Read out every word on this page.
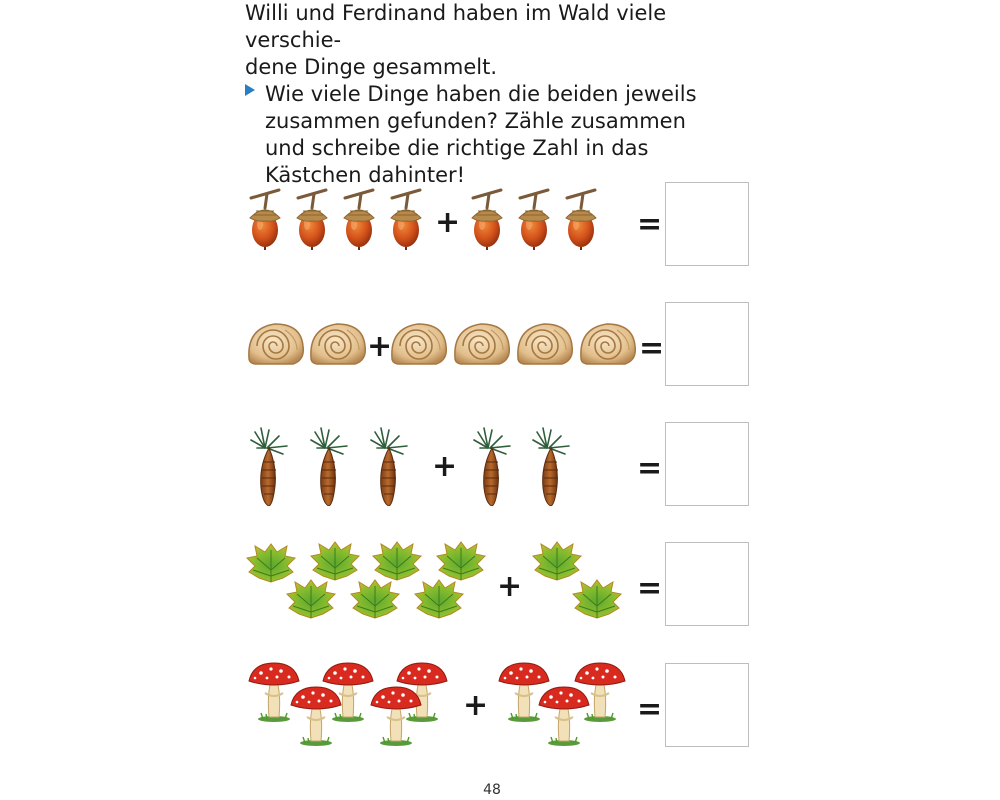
Willi und Ferdinand haben im Wald viele verschie-

dene Dinge gesammelt.

Wie viele Dinge haben die beiden jeweils zusammen gefunden? Zähle zusammen und schreibe die richtige Zahl in das Kästchen dahinter!
+	=
+	=
+	=
+	=
+	=
48
